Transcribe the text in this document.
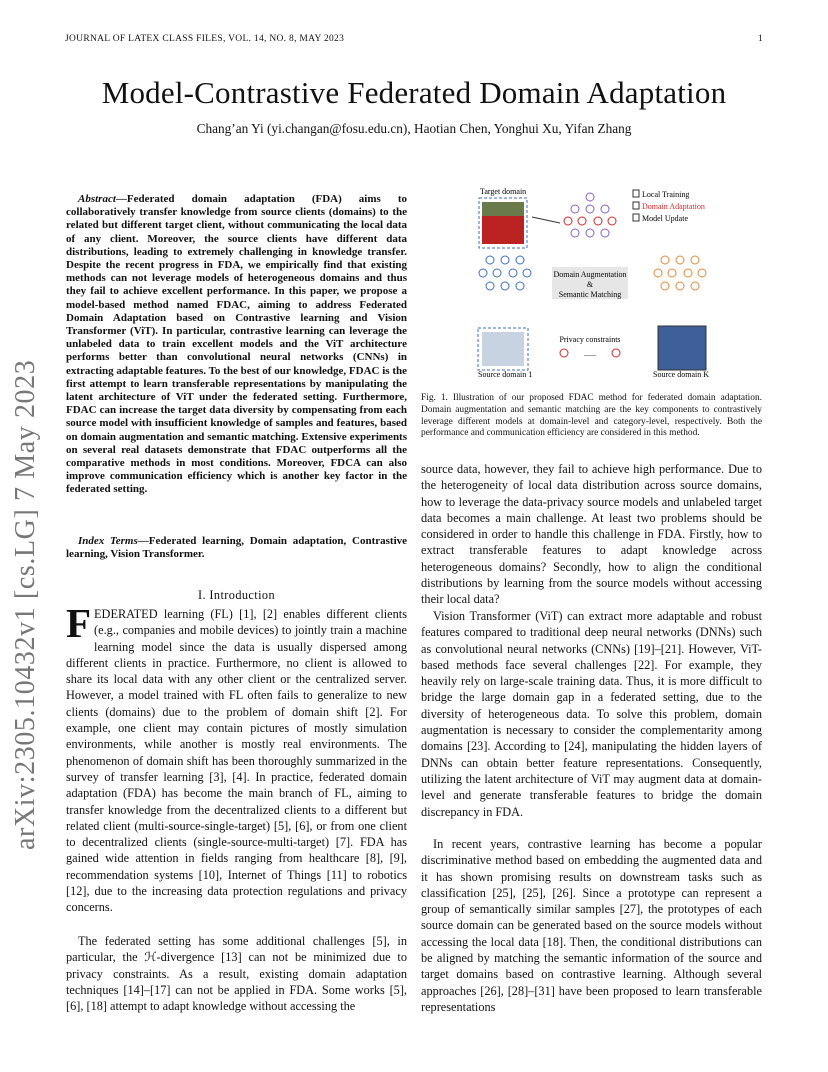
JOURNAL OF LATEX CLASS FILES, VOL. 14, NO. 8, MAY 2023	1
Model-Contrastive Federated Domain Adaptation
Chang’an Yi (yi.changan@fosu.edu.cn), Haotian Chen, Yonghui Xu, Yifan Zhang
arXiv:2305.10432v1 [cs.LG] 7 May 2023
Abstract—Federated domain adaptation (FDA) aims to collaboratively transfer knowledge from source clients (domains) to the related but different target client, without communicating the local data of any client. Moreover, the source clients have different data distributions, leading to extremely challenging in knowledge transfer. Despite the recent progress in FDA, we empirically find that existing methods can not leverage models of heterogeneous domains and thus they fail to achieve excellent performance. In this paper, we propose a model-based method named FDAC, aiming to address Federated Domain Adaptation based on Contrastive learning and Vision Transformer (ViT). In particular, contrastive learning can leverage the unlabeled data to train excellent models and the ViT architecture performs better than convolutional neural networks (CNNs) in extracting adaptable features. To the best of our knowledge, FDAC is the first attempt to learn transferable representations by manipulating the latent architecture of ViT under the federated setting. Furthermore, FDAC can increase the target data diversity by compensating from each source model with insufficient knowledge of samples and features, based on domain augmentation and semantic matching. Extensive experiments on several real datasets demonstrate that FDAC outperforms all the comparative methods in most conditions. Moreover, FDCA can also improve communication efficiency which is another key factor in the federated setting.
Index Terms—Federated learning, Domain adaptation, Contrastive learning, Vision Transformer.
I. Introduction
FEDERATED learning (FL) [1], [2] enables different clients (e.g., companies and mobile devices) to jointly train a machine learning model since the data is usually dispersed among different clients in practice. Furthermore, no client is allowed to share its local data with any other client or the centralized server. However, a model trained with FL often fails to generalize to new clients (domains) due to the problem of domain shift [2]. For example, one client may contain pictures of mostly simulation environments, while another is mostly real environments. The phenomenon of domain shift has been thoroughly summarized in the survey of transfer learning [3], [4]. In practice, federated domain adaptation (FDA) has become the main branch of FL, aiming to transfer knowledge from the decentralized clients to a different but related client (multi-source-single-target) [5], [6], or from one client to decentralized clients (single-source-multi-target) [7]. FDA has gained wide attention in fields ranging from healthcare [8], [9], recommendation systems [10], Internet of Things [11] to robotics [12], due to the increasing data protection regulations and privacy concerns.
The federated setting has some additional challenges [5], in particular, the ℋ-divergence [13] can not be minimized due to privacy constraints. As a result, existing domain adaptation techniques [14]–[17] can not be applied in FDA. Some works [5], [6], [18] attempt to adapt knowledge without accessing the
Target domain	Local Training
Domain Adaptation
Model Update
Domain Augmentation
&
Semantic Matching
Privacy constraints
......
Source domain 1	Source domain K
Fig. 1. Illustration of our proposed FDAC method for federated domain adaptation. Domain augmentation and semantic matching are the key components to contrastively leverage different models at domain-level and category-level, respectively. Both the performance and communication efficiency are considered in this method.
source data, however, they fail to achieve high performance. Due to the heterogeneity of local data distribution across source domains, how to leverage the data-privacy source models and unlabeled target data becomes a main challenge. At least two problems should be considered in order to handle this challenge in FDA. Firstly, how to extract transferable features to adapt knowledge across heterogeneous domains? Secondly, how to align the conditional distributions by learning from the source models without accessing their local data?
Vision Transformer (ViT) can extract more adaptable and robust features compared to traditional deep neural networks (DNNs) such as convolutional neural networks (CNNs) [19]–[21]. However, ViT-based methods face several challenges [22]. For example, they heavily rely on large-scale training data. Thus, it is more difficult to bridge the large domain gap in a federated setting, due to the diversity of heterogeneous data. To solve this problem, domain augmentation is necessary to consider the complementarity among domains [23]. According to [24], manipulating the hidden layers of DNNs can obtain better feature representations. Consequently, utilizing the latent architecture of ViT may augment data at domain-level and generate transferable features to bridge the domain discrepancy in FDA.
In recent years, contrastive learning has become a popular discriminative method based on embedding the augmented data and it has shown promising results on downstream tasks such as classification [25], [25], [26]. Since a prototype can represent a group of semantically similar samples [27], the prototypes of each source domain can be generated based on the source models without accessing the local data [18]. Then, the conditional distributions can be aligned by matching the semantic information of the source and target domains based on contrastive learning. Although several approaches [26], [28]–[31] have been proposed to learn transferable representations
